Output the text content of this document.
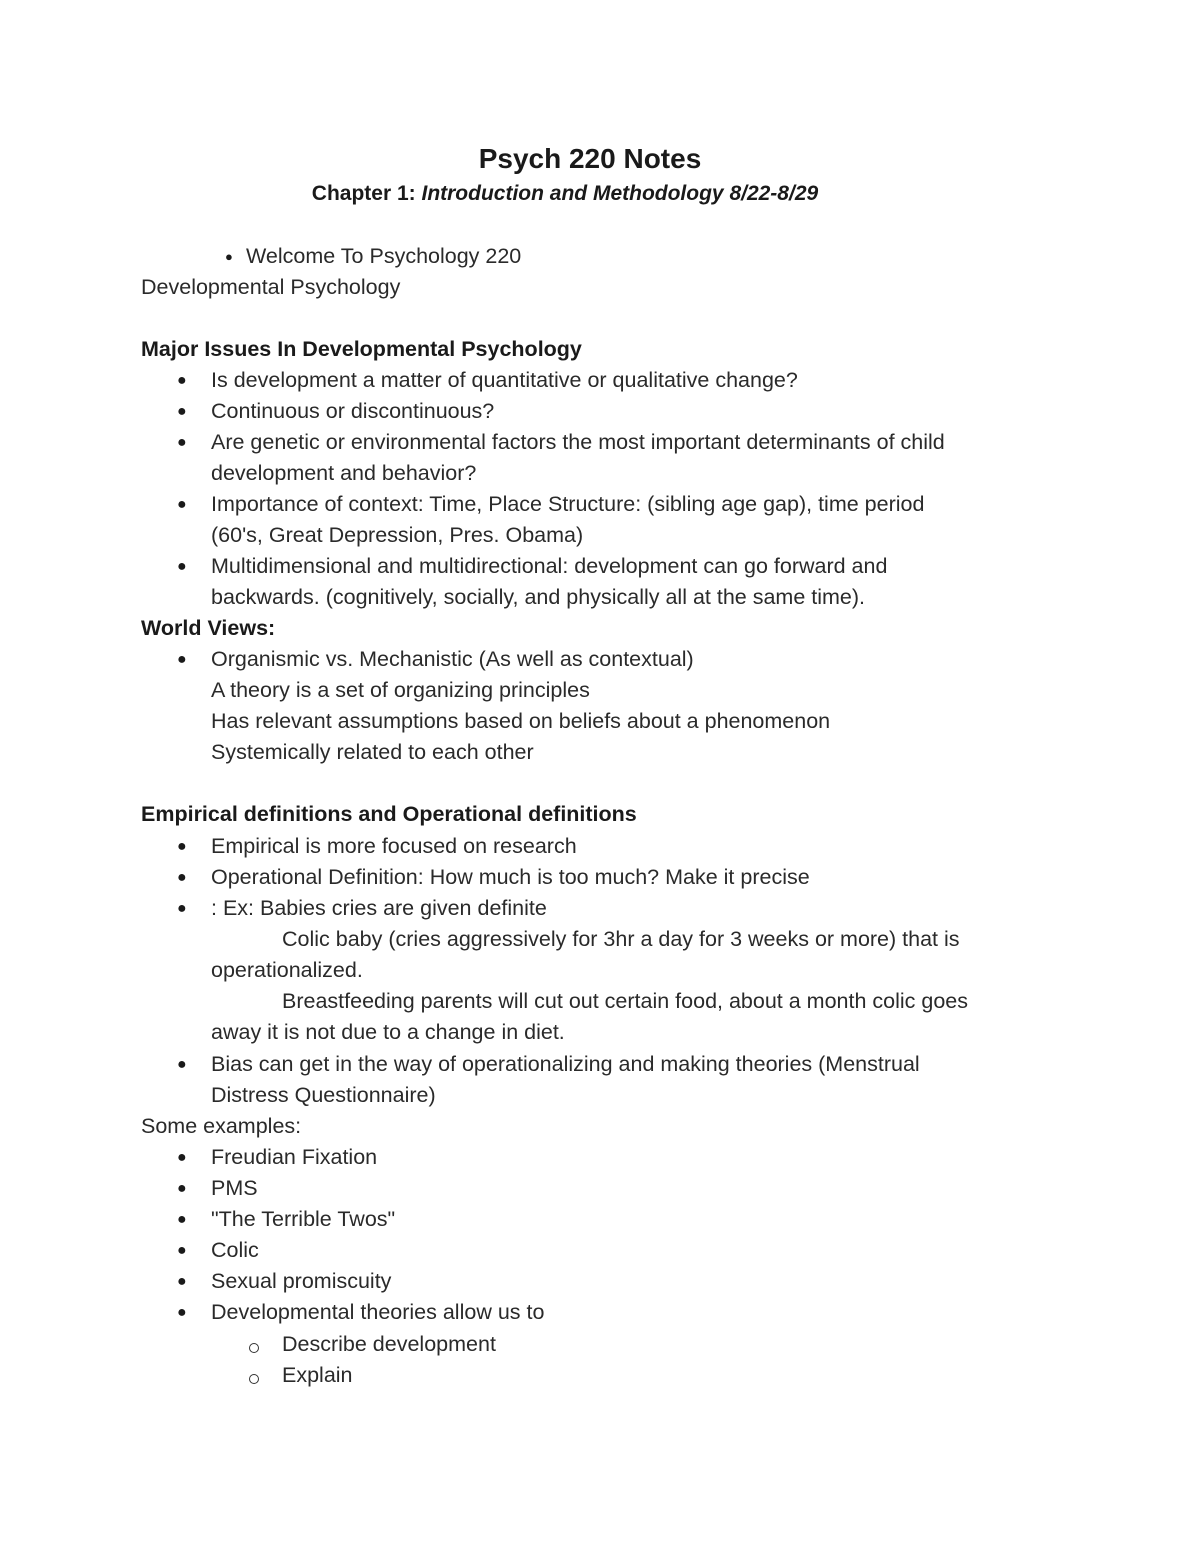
Psych 220 Notes
Chapter 1: Introduction and Methodology 8/22-8/29
● Welcome To Psychology 220
Developmental Psychology
Major Issues In Developmental Psychology
● Is development a matter of quantitative or qualitative change?
● Continuous or discontinuous?
● Are genetic or environmental factors the most important determinants of child
development and behavior?
● Importance of context: Time, Place Structure: (sibling age gap), time period
(60's, Great Depression, Pres. Obama)
● Multidimensional and multidirectional: development can go forward and
backwards. (cognitively, socially, and physically all at the same time).
World Views:
● Organismic vs. Mechanistic (As well as contextual)
A theory is a set of organizing principles
Has relevant assumptions based on beliefs about a phenomenon
Systemically related to each other
Empirical definitions and Operational definitions
● Empirical is more focused on research
● Operational Definition: How much is too much? Make it precise
● : Ex: Babies cries are given definite
Colic baby (cries aggressively for 3hr a day for 3 weeks or more) that is
operationalized.
Breastfeeding parents will cut out certain food, about a month colic goes
away it is not due to a change in diet.
● Bias can get in the way of operationalizing and making theories (Menstrual
Distress Questionnaire)
Some examples:
● Freudian Fixation
● PMS
● "The Terrible Twos"
● Colic
● Sexual promiscuity
● Developmental theories allow us to
Describe development
Explain
